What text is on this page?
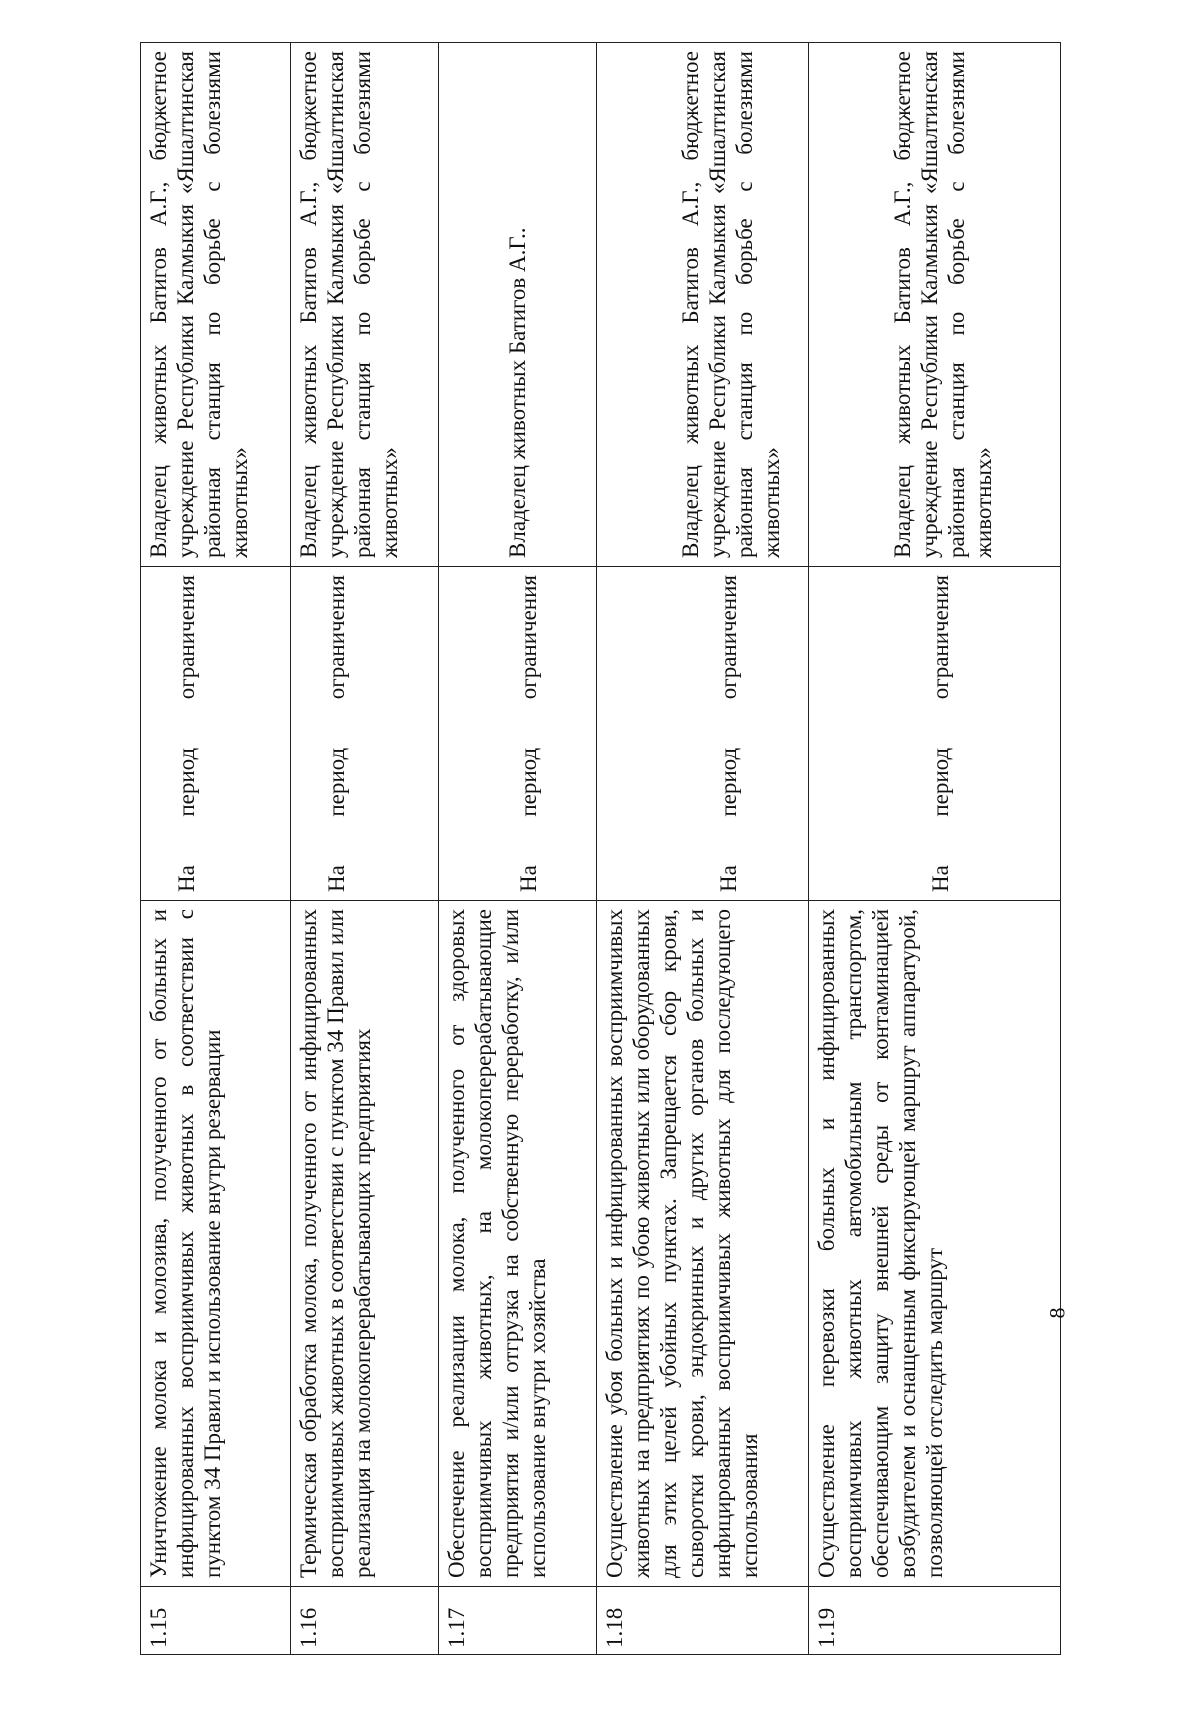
1.15	Уничтожение молока и молозива, полученного от больных и инфицированных восприимчивых животных в соответствии с пунктом 34 Правил и использование внутри резервации	На период ограничения	Владелец животных Батигов А.Г., бюджетное учреждение Республики Калмыкия «Яшалтинская районная станция по борьбе с болезнями животных»
1.16	Термическая обработка молока, полученного от инфицированных восприимчивых животных в соответствии с пунктом 34 Правил или реализация на молокоперерабатывающих предприятиях	На период ограничения	Владелец животных Батигов А.Г., бюджетное учреждение Республики Калмыкия «Яшалтинская районная станция по борьбе с болезнями животных»
1.17	Обеспечение реализации молока, полученного от здоровых восприимчивых животных, на молокоперерабатывающие предприятия и/или отгрузка на собственную переработку, и/или использование внутри хозяйства	На период ограничения	Владелец животных Батигов А.Г..
1.18	Осуществление убоя больных и инфицированных восприимчивых животных на предприятиях по убою животных или оборудованных для этих целей убойных пунктах. Запрещается сбор крови, сыворотки крови, эндокринных и других органов больных и инфицированных восприимчивых животных для последующего использования	На период ограничения	Владелец животных Батигов А.Г., бюджетное учреждение Республики Калмыкия «Яшалтинская районная станция по борьбе с болезнями животных»
1.19	Осуществление перевозки больных и инфицированных восприимчивых животных автомобильным транспортом, обеспечивающим защиту внешней среды от контаминацией возбудителем и оснащенным фиксирующей маршрут аппаратурой, позволяющей отследить маршрут	На период ограничения	Владелец животных Батигов А.Г., бюджетное учреждение Республики Калмыкия «Яшалтинская районная станция по борьбе с болезнями животных»
8
